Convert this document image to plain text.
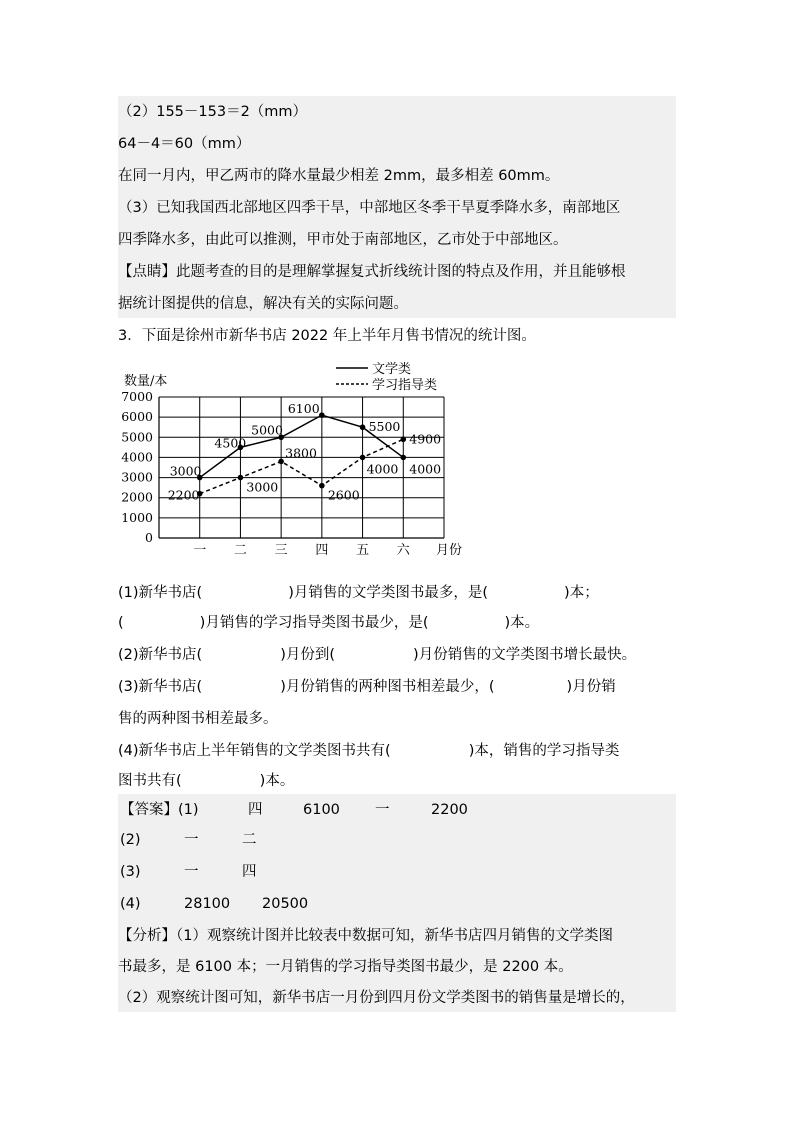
（2）155－153＝2（mm）
64－4＝60（mm）
在同一月内，甲乙两市的降水量最少相差 2mm，最多相差 60mm。
（3）已知我国西北部地区四季干旱，中部地区冬季干旱夏季降水多，南部地区
四季降水多，由此可以推测，甲市处于南部地区，乙市处于中部地区。
【点睛】此题考查的目的是理解掌握复式折线统计图的特点及作用，并且能够根
据统计图提供的信息，解决有关的实际问题。
3．下面是徐州市新华书店 2022 年上半年月售书情况的统计图。
3000
4500
5000
6100
5500
4000
2200
3000
3800
2600
4000
4900
0
1000
2000
3000
4000
5000
6000
7000
一 二 三 四 五 六
文学类
学习指导类
数量/本
月份
(1)新华书店(	)月销售的文学类图书最多，是(	)本；
(	)月销售的学习指导类图书最少，是(	)本。
(2)新华书店(	)月份到(	)月份销售的文学类图书增长最快。
(3)新华书店(	)月份销售的两种图书相差最少，(	)月份销
售的两种图书相差最多。
(4)新华书店上半年销售的文学类图书共有(	)本，销售的学习指导类
图书共有(	)本。
【答案】(1)	四	6100 一	2200
(2)	一	二
(3)	一	四
(4)	28100 20500
【分析】（1）观察统计图并比较表中数据可知，新华书店四月销售的文学类图
书最多，是 6100 本；一月销售的学习指导类图书最少，是 2200 本。
（2）观察统计图可知，新华书店一月份到四月份文学类图书的销售量是增长的，
